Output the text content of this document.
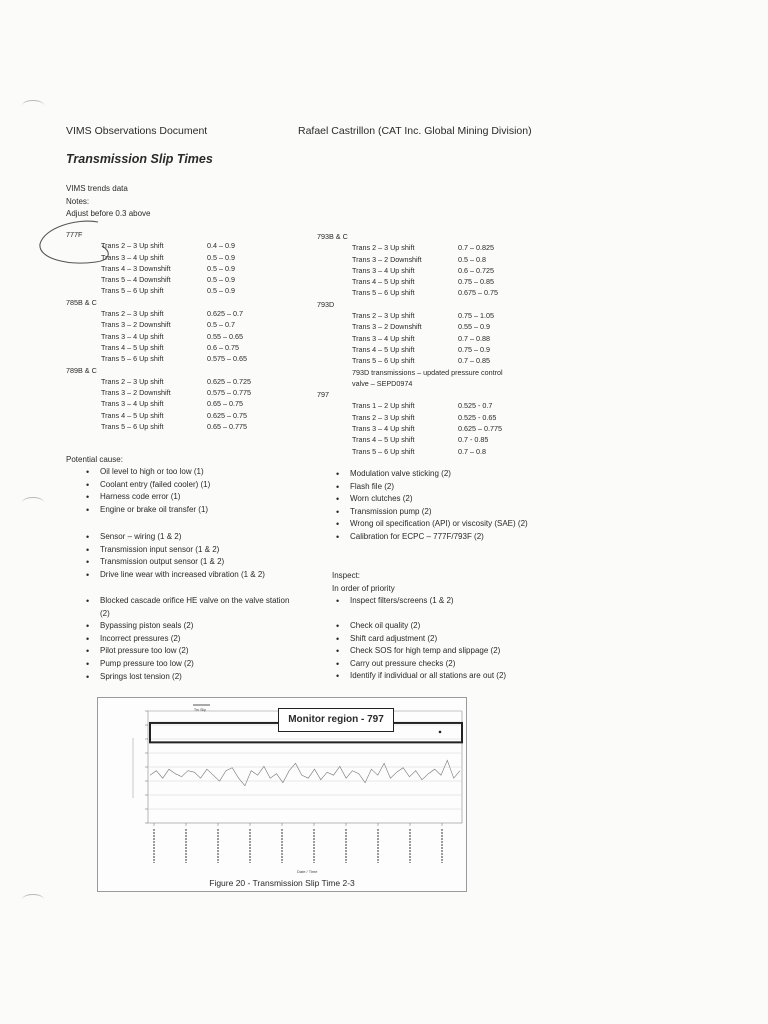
VIMS Observations Document	Rafael Castrillon (CAT Inc. Global Mining Division)
Transmission Slip Times
VIMS trends data
Notes:
Adjust before 0.3 above
777F
Trans 2 – 3 Up shift	0.4 – 0.9
Trans 3 – 4 Up shift	0.5 – 0.9
Trans 4 – 3 Downshift	0.5 – 0.9
Trans 5 – 4 Downshift	0.5 – 0.9
Trans 5 – 6 Up shift	0.5 – 0.9
785B & C
Trans 2 – 3 Up shift	0.625 – 0.7
Trans 3 – 2 Downshift	0.5 – 0.7
Trans 3 – 4 Up shift	0.55 – 0.65
Trans 4 – 5 Up shift	0.6 – 0.75
Trans 5 – 6 Up shift	0.575 – 0.65
789B & C
Trans 2 – 3 Up shift	0.625 – 0.725
Trans 3 – 2 Downshift	0.575 – 0.775
Trans 3 – 4 Up shift	0.65 – 0.75
Trans 4 – 5 Up shift	0.625 – 0.75
Trans 5 – 6 Up shift	0.65 – 0.775
793B & C
Trans 2 – 3 Up shift	0.7 – 0.825
Trans 3 – 2 Downshift	0.5 – 0.8
Trans 3 – 4 Up shift	0.6 – 0.725
Trans 4 – 5 Up shift	0.75 – 0.85
Trans 5 – 6 Up shift	0.675 – 0.75
793D
Trans 2 – 3 Up shift	0.75 – 1.05
Trans 3 – 2 Downshift	0.55 – 0.9
Trans 3 – 4 Up shift	0.7 – 0.88
Trans 4 – 5 Up shift	0.75 – 0.9
Trans 5 – 6 Up shift	0.7 – 0.85
793D transmissions – updated pressure control
valve – SEPD0974
797
Trans 1 – 2 Up shift	0.525 - 0.7
Trans 2 – 3 Up shift	0.525 - 0.65
Trans 3 – 4 Up shift	0.625 – 0.775
Trans 4 – 5 Up shift	0.7 - 0.85
Trans 5 – 6 Up shift	0.7 – 0.8
Potential cause:
• Oil level to high or too low (1)
• Coolant entry (failed cooler) (1)
• Harness code error (1)
• Engine or brake oil transfer (1)
• Sensor – wiring (1 & 2)
• Transmission input sensor (1 & 2)
• Transmission output sensor (1 & 2)
• Drive line wear with increased vibration (1 & 2)
• Blocked cascade orifice HE valve on the valve station (2)
• Bypassing piston seals (2)
• Incorrect pressures (2)
• Pilot pressure too low (2)
• Pump pressure too low (2)
• Springs lost tension (2)
• Modulation valve sticking (2)
• Flash file (2)
• Worn clutches (2)
• Transmission pump (2)
• Wrong oil specification (API) or viscosity (SAE) (2)
• Calibration for ECPC – 777F/793F (2)
Inspect:
In order of priority
• Inspect filters/screens (1 & 2)
• Check oil quality (2)
• Shift card adjustment (2)
• Check SOS for high temp and slippage (2)
• Carry out pressure checks (2)
• Identify if individual or all stations are out (2)
Trn Slip
Date / Time
Monitor region - 797
Figure 20 - Transmission Slip Time 2-3
